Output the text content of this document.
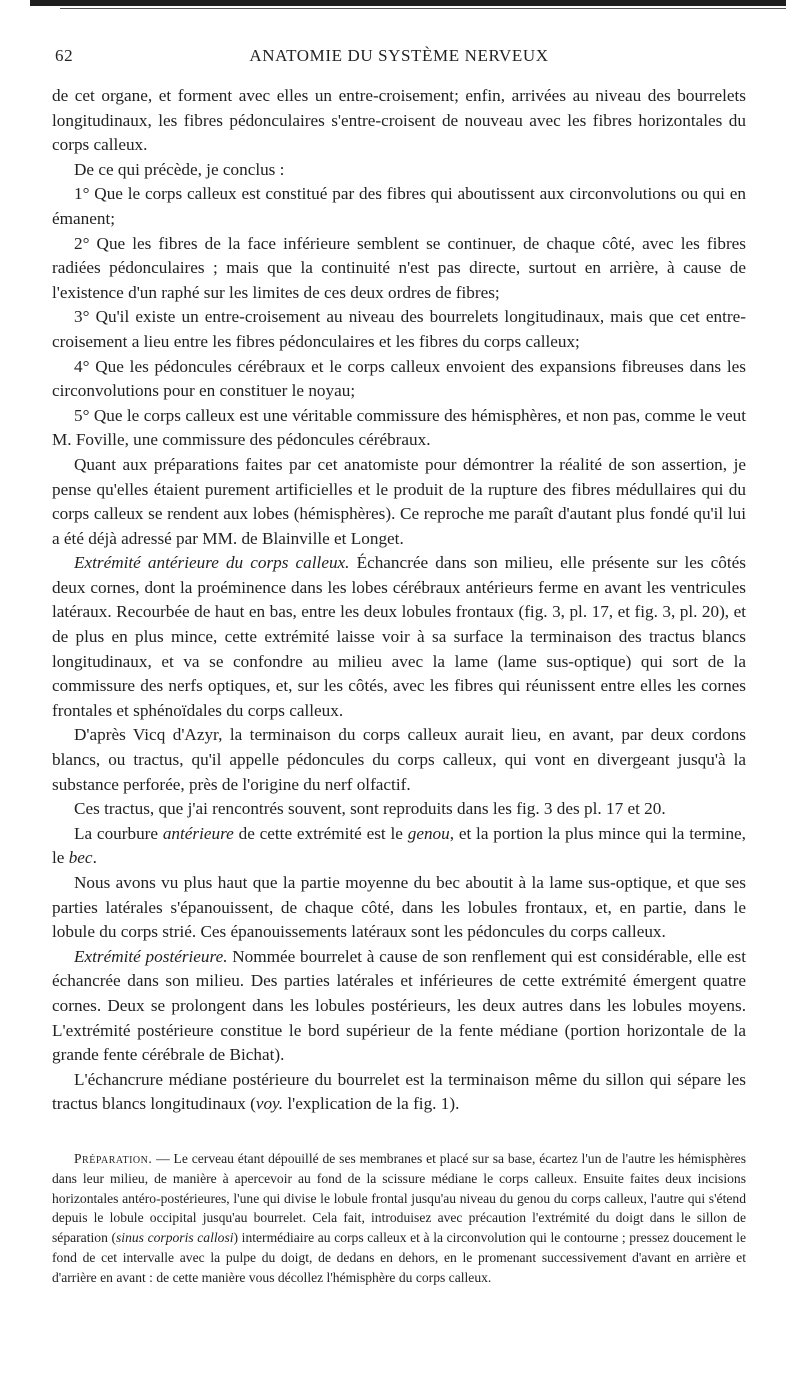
62	ANATOMIE DU SYSTÈME NERVEUX

de cet organe, et forment avec elles un entre-croisement; enfin, arrivées au niveau des bourrelets longitudinaux, les fibres pédonculaires s'entre-croisent de nouveau avec les fibres horizontales du corps calleux.

De ce qui précède, je conclus :

1° Que le corps calleux est constitué par des fibres qui aboutissent aux circonvolutions ou qui en émanent;

2° Que les fibres de la face inférieure semblent se continuer, de chaque côté, avec les fibres radiées pédonculaires ; mais que la continuité n'est pas directe, surtout en arrière, à cause de l'existence d'un raphé sur les limites de ces deux ordres de fibres;

3° Qu'il existe un entre-croisement au niveau des bourrelets longitudinaux, mais que cet entre-croisement a lieu entre les fibres pédonculaires et les fibres du corps calleux;

4° Que les pédoncules cérébraux et le corps calleux envoient des expansions fibreuses dans les circonvolutions pour en constituer le noyau;

5° Que le corps calleux est une véritable commissure des hémisphères, et non pas, comme le veut M. Foville, une commissure des pédoncules cérébraux.

Quant aux préparations faites par cet anatomiste pour démontrer la réalité de son assertion, je pense qu'elles étaient purement artificielles et le produit de la rupture des fibres médullaires qui du corps calleux se rendent aux lobes (hémisphères). Ce reproche me paraît d'autant plus fondé qu'il lui a été déjà adressé par MM. de Blainville et Longet.

Extrémité antérieure du corps calleux. Échancrée dans son milieu, elle présente sur les côtés deux cornes, dont la proéminence dans les lobes cérébraux antérieurs ferme en avant les ventricules latéraux. Recourbée de haut en bas, entre les deux lobules frontaux (fig. 3, pl. 17, et fig. 3, pl. 20), et de plus en plus mince, cette extrémité laisse voir à sa surface la terminaison des tractus blancs longitudinaux, et va se confondre au milieu avec la lame (lame sus-optique) qui sort de la commissure des nerfs optiques, et, sur les côtés, avec les fibres qui réunissent entre elles les cornes frontales et sphénoïdales du corps calleux.

D'après Vicq d'Azyr, la terminaison du corps calleux aurait lieu, en avant, par deux cordons blancs, ou tractus, qu'il appelle pédoncules du corps calleux, qui vont en divergeant jusqu'à la substance perforée, près de l'origine du nerf olfactif.

Ces tractus, que j'ai rencontrés souvent, sont reproduits dans les fig. 3 des pl. 17 et 20.

La courbure antérieure de cette extrémité est le genou, et la portion la plus mince qui la termine, le bec.

Nous avons vu plus haut que la partie moyenne du bec aboutit à la lame sus-optique, et que ses parties latérales s'épanouissent, de chaque côté, dans les lobules frontaux, et, en partie, dans le lobule du corps strié. Ces épanouissements latéraux sont les pédoncules du corps calleux.

Extrémité postérieure. Nommée bourrelet à cause de son renflement qui est considérable, elle est échancrée dans son milieu. Des parties latérales et inférieures de cette extrémité émergent quatre cornes. Deux se prolongent dans les lobules postérieurs, les deux autres dans les lobules moyens. L'extrémité postérieure constitue le bord supérieur de la fente médiane (portion horizontale de la grande fente cérébrale de Bichat).

L'échancrure médiane postérieure du bourrelet est la terminaison même du sillon qui sépare les tractus blancs longitudinaux (voy. l'explication de la fig. 1).

Préparation. — Le cerveau étant dépouillé de ses membranes et placé sur sa base, écartez l'un de l'autre les hémisphères dans leur milieu, de manière à apercevoir au fond de la scissure médiane le corps calleux. Ensuite faites deux incisions horizontales antéro-postérieures, l'une qui divise le lobule frontal jusqu'au niveau du genou du corps calleux, l'autre qui s'étend depuis le lobule occipital jusqu'au bourrelet. Cela fait, introduisez avec précaution l'extrémité du doigt dans le sillon de séparation (sinus corporis callosi) intermédiaire au corps calleux et à la circonvolution qui le contourne ; pressez doucement le fond de cet intervalle avec la pulpe du doigt, de dedans en dehors, en le promenant successivement d'avant en arrière et d'arrière en avant : de cette manière vous décollez l'hémisphère du corps calleux.
